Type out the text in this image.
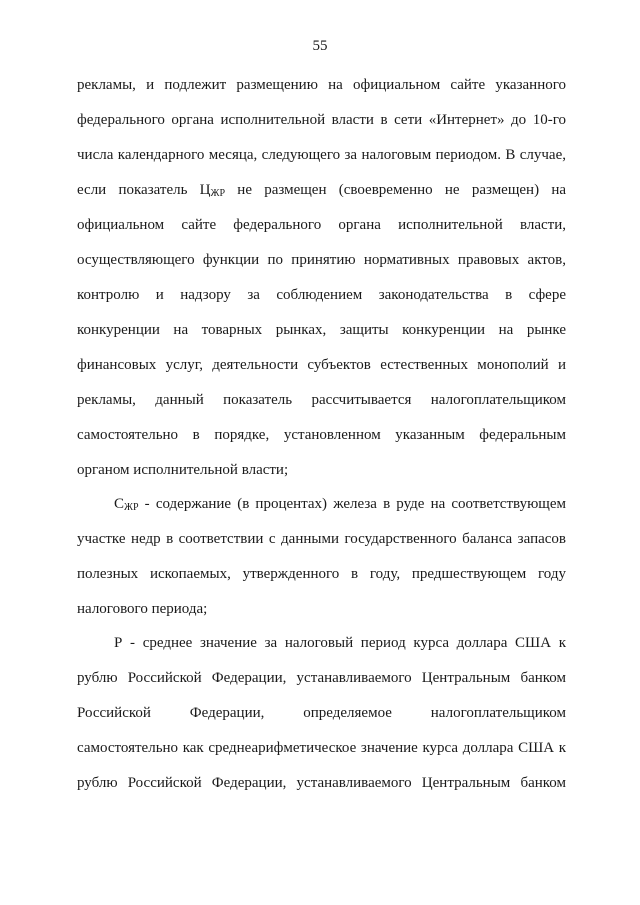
55
рекламы, и подлежит размещению на официальном сайте указанного
федерального органа исполнительной власти в сети «Интернет» до 10-го
числа календарного месяца, следующего за налоговым периодом. В случае,
если показатель $Ц_{ЖР}$ не размещен (своевременно не размещен) на
официальном сайте федерального органа исполнительной власти,
осуществляющего функции по принятию нормативных правовых актов,
контролю и надзору за соблюдением законодательства в сфере
конкуренции на товарных рынках, защиты конкуренции на рынке
финансовых услуг, деятельности субъектов естественных монополий и
рекламы, данный показатель рассчитывается налогоплательщиком
самостоятельно в порядке, установленном указанным федеральным
органом исполнительной власти;
$С_{ЖР}$ - содержание (в процентах) железа в руде на соответствующем
участке недр в соответствии с данными государственного баланса запасов
полезных ископаемых, утвержденного в году, предшествующем году
налогового периода;
Р - среднее значение за налоговый период курса доллара США к
рублю Российской Федерации, устанавливаемого Центральным банком
Российской Федерации, определяемое налогоплательщиком
самостоятельно как среднеарифметическое значение курса доллара США к
рублю Российской Федерации, устанавливаемого Центральным банком
